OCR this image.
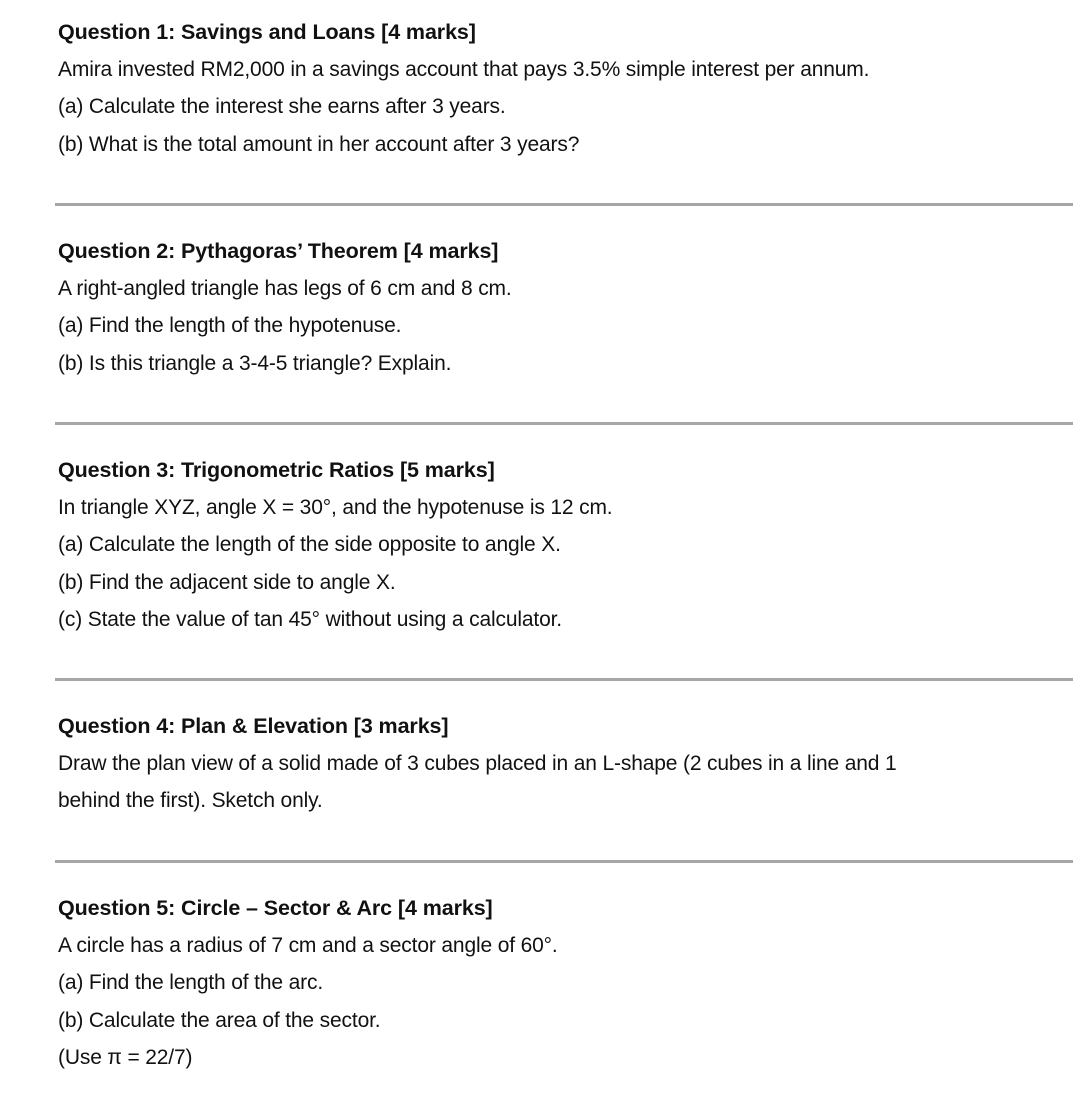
Question 1: Savings and Loans [4 marks]
Amira invested RM2,000 in a savings account that pays 3.5% simple interest per annum.
(a) Calculate the interest she earns after 3 years.
(b) What is the total amount in her account after 3 years?
Question 2: Pythagoras’ Theorem [4 marks]
A right-angled triangle has legs of 6 cm and 8 cm.
(a) Find the length of the hypotenuse.
(b) Is this triangle a 3-4-5 triangle? Explain.
Question 3: Trigonometric Ratios [5 marks]
In triangle XYZ, angle X = 30°, and the hypotenuse is 12 cm.
(a) Calculate the length of the side opposite to angle X.
(b) Find the adjacent side to angle X.
(c) State the value of tan 45° without using a calculator.
Question 4: Plan & Elevation [3 marks]
Draw the plan view of a solid made of 3 cubes placed in an L-shape (2 cubes in a line and 1
behind the first). Sketch only.
Question 5: Circle – Sector & Arc [4 marks]
A circle has a radius of 7 cm and a sector angle of 60°.
(a) Find the length of the arc.
(b) Calculate the area of the sector.
(Use π = 22/7)
